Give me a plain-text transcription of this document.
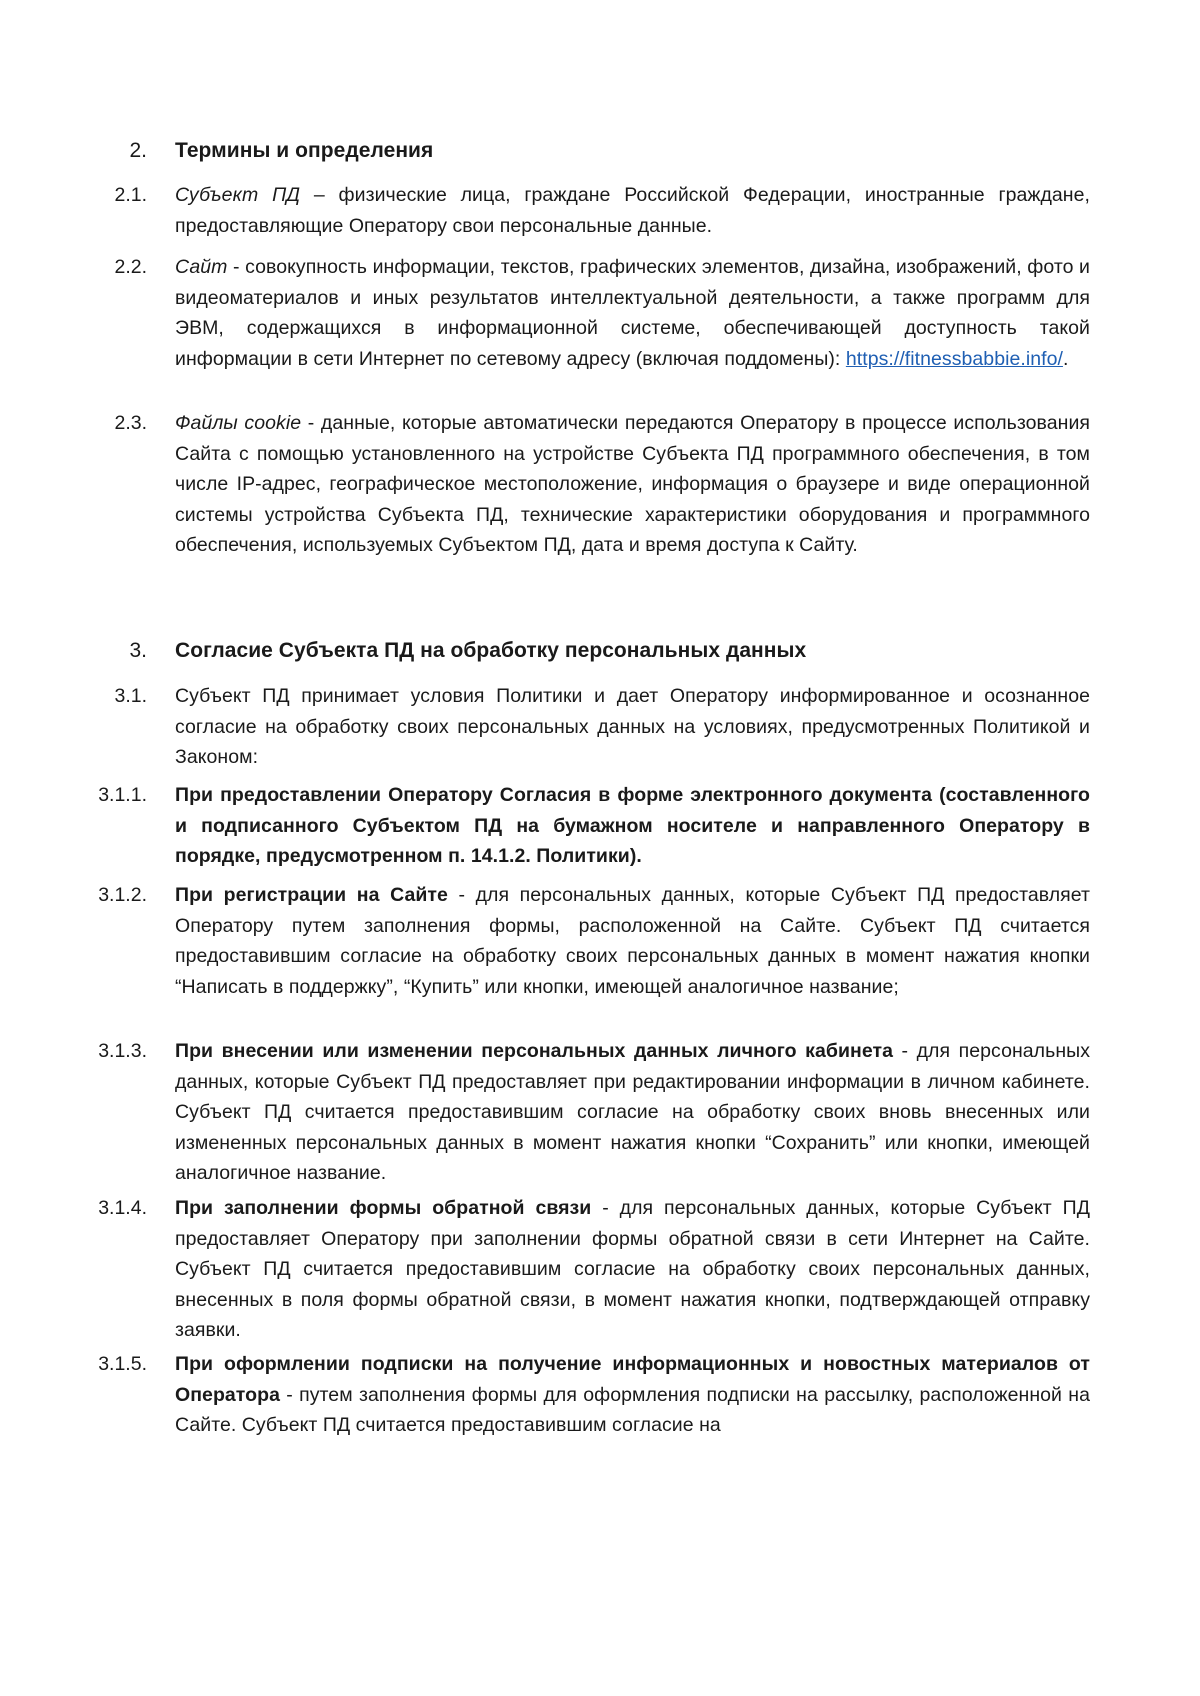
2.	Термины и определения
2.1.	Субъект ПД – физические лица, граждане Российской Федерации, иностранные граждане, предоставляющие Оператору свои персональные данные.
2.2.	Сайт - совокупность информации, текстов, графических элементов, дизайна, изображений, фото и видеоматериалов и иных результатов интеллектуальной деятельности, а также программ для ЭВМ, содержащихся в информационной системе, обеспечивающей доступность такой информации в сети Интернет по сетевому адресу (включая поддомены): https://fitnessbabbie.info/.
2.3.	Файлы cookie - данные, которые автоматически передаются Оператору в процессе использования Сайта с помощью установленного на устройстве Субъекта ПД программного обеспечения, в том числе IP-адрес, географическое местоположение, информация о браузере и виде операционной системы устройства Субъекта ПД, технические характеристики оборудования и программного обеспечения, используемых Субъектом ПД, дата и время доступа к Сайту.
3.	Согласие Субъекта ПД на обработку персональных данных
3.1.	Субъект ПД принимает условия Политики и дает Оператору информированное и осознанное согласие на обработку своих персональных данных на условиях, предусмотренных Политикой и Законом:
3.1.1.	При предоставлении Оператору Согласия в форме электронного документа (составленного и подписанного Субъектом ПД на бумажном носителе и направленного Оператору в порядке, предусмотренном п. 14.1.2. Политики).
3.1.2.	При регистрации на Сайте - для персональных данных, которые Субъект ПД предоставляет Оператору путем заполнения формы, расположенной на Сайте. Субъект ПД считается предоставившим согласие на обработку своих персональных данных в момент нажатия кнопки “Написать в поддержку”, “Купить” или кнопки, имеющей аналогичное название;
3.1.3.	При внесении или изменении персональных данных личного кабинета - для персональных данных, которые Субъект ПД предоставляет при редактировании информации в личном кабинете. Субъект ПД считается предоставившим согласие на обработку своих вновь внесенных или измененных персональных данных в момент нажатия кнопки “Сохранить” или кнопки, имеющей аналогичное название.
3.1.4.	При заполнении формы обратной связи - для персональных данных, которые Субъект ПД предоставляет Оператору при заполнении формы обратной связи в сети Интернет на Сайте. Субъект ПД считается предоставившим согласие на обработку своих персональных данных, внесенных в поля формы обратной связи, в момент нажатия кнопки, подтверждающей отправку заявки.
3.1.5.	При оформлении подписки на получение информационных и новостных материалов от Оператора - путем заполнения формы для оформления подписки на рассылку, расположенной на Сайте. Субъект ПД считается предоставившим согласие на
